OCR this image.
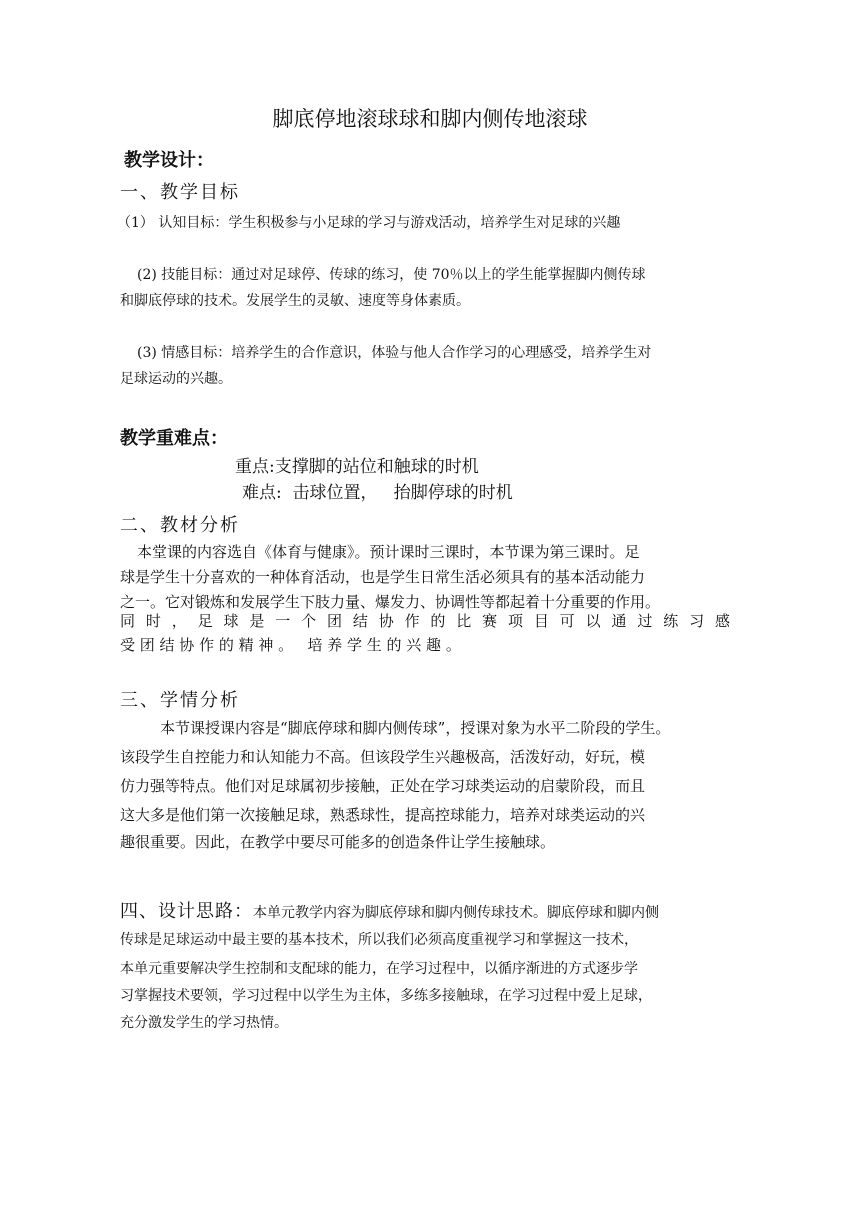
脚底停地滚球球和脚内侧传地滚球
教学设计：
一、教学目标
（1） 认知目标：学生积极参与小足球的学习与游戏活动，培养学生对足球的兴趣
(2) 技能目标：通过对足球停、传球的练习，使 70％以上的学生能掌握脚内侧传球
和脚底停球的技术。发展学生的灵敏、速度等身体素质。
(3) 情感目标：培养学生的合作意识，体验与他人合作学习的心理感受，培养学生对
足球运动的兴趣。
教学重难点：
重点:支撑脚的站位和触球的时机
难点:  击球位置，   抬脚停球的时机
二、教材分析
本堂课的内容选自《体育与健康》。预计课时三课时，本节课为第三课时。足
球是学生十分喜欢的一种体育活动，也是学生日常生活必须具有的基本活动能力
之一。它对锻炼和发展学生下肢力量、爆发力、协调性等都起着十分重要的作用。
同 时 ， 足 球 是 一 个 团 结 协 作 的 比 赛 项 目 可 以 通 过 练 习 感
受 团 结 协 作 的 精 神 。   培 养 学 生 的 兴 趣 。
三、学情分析
本节课授课内容是“脚底停球和脚内侧传球”，授课对象为水平二阶段的学生。
该段学生自控能力和认知能力不高。但该段学生兴趣极高，活泼好动，好玩，模
仿力强等特点。他们对足球属初步接触，正处在学习球类运动的启蒙阶段，而且
这大多是他们第一次接触足球，熟悉球性，提高控球能力，培养对球类运动的兴
趣很重要。因此，在教学中要尽可能多的创造条件让学生接触球。
四、设计思路：本单元教学内容为脚底停球和脚内侧传球技术。脚底停球和脚内侧
传球是足球运动中最主要的基本技术，所以我们必须高度重视学习和掌握这一技术，
本单元重要解决学生控制和支配球的能力，在学习过程中，以循序渐进的方式逐步学
习掌握技术要领，学习过程中以学生为主体，多练多接触球，在学习过程中爱上足球，
充分激发学生的学习热情。
